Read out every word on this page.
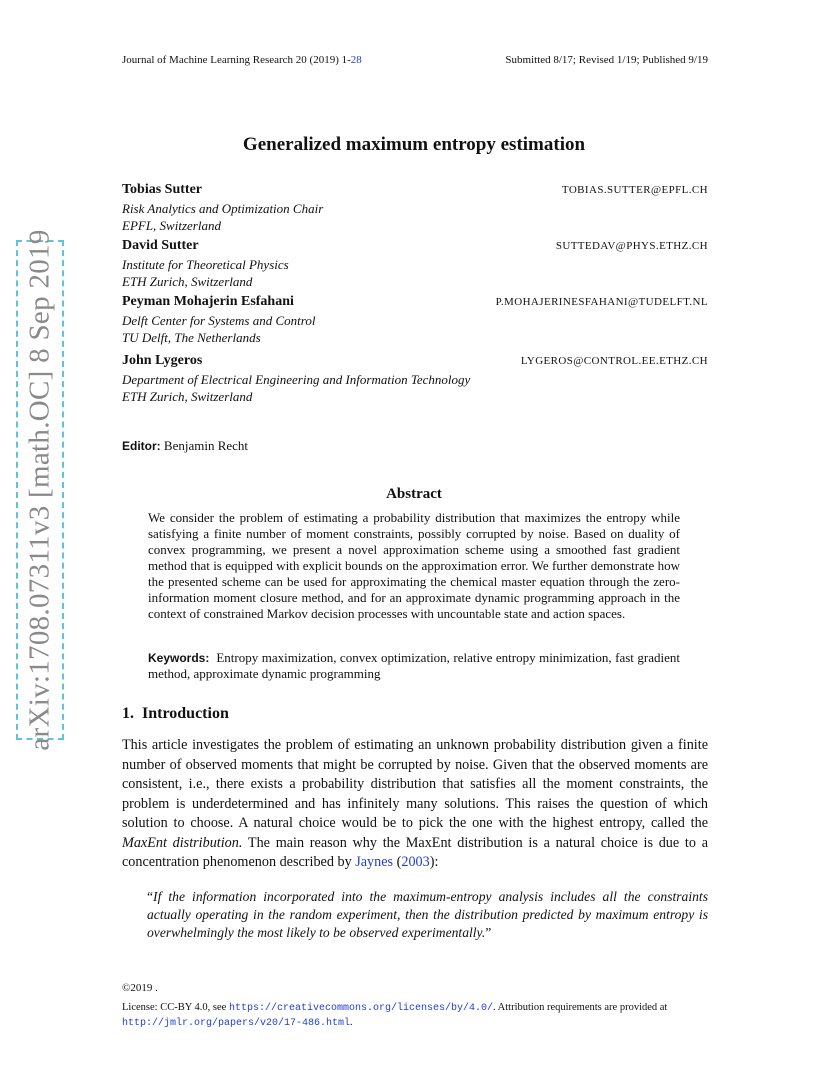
arXiv:1708.07311v3 [math.OC] 8 Sep 2019
Journal of Machine Learning Research 20 (2019) 1-28	Submitted 8/17; Revised 1/19; Published 9/19
Generalized maximum entropy estimation
Tobias Sutter	TOBIAS.SUTTER@EPFL.CH
Risk Analytics and Optimization Chair
EPFL, Switzerland
David Sutter	SUTTEDAV@PHYS.ETHZ.CH
Institute for Theoretical Physics
ETH Zurich, Switzerland
Peyman Mohajerin Esfahani	P.MOHAJERINESFAHANI@TUDELFT.NL
Delft Center for Systems and Control
TU Delft, The Netherlands
John Lygeros	LYGEROS@CONTROL.EE.ETHZ.CH
Department of Electrical Engineering and Information Technology
ETH Zurich, Switzerland
Editor: Benjamin Recht
Abstract
We consider the problem of estimating a probability distribution that maximizes the entropy while satisfying a finite number of moment constraints, possibly corrupted by noise. Based on duality of convex programming, we present a novel approximation scheme using a smoothed fast gradient method that is equipped with explicit bounds on the approximation error. We further demonstrate how the presented scheme can be used for approximating the chemical master equation through the zero-information moment closure method, and for an approximate dynamic programming approach in the context of constrained Markov decision processes with uncountable state and action spaces.
Keywords: Entropy maximization, convex optimization, relative entropy minimization, fast gradient method, approximate dynamic programming
1. Introduction
This article investigates the problem of estimating an unknown probability distribution given a finite number of observed moments that might be corrupted by noise. Given that the observed moments are consistent, i.e., there exists a probability distribution that satisfies all the moment constraints, the problem is underdetermined and has infinitely many solutions. This raises the question of which solution to choose. A natural choice would be to pick the one with the highest entropy, called the MaxEnt distribution. The main reason why the MaxEnt distribution is a natural choice is due to a concentration phenomenon described by Jaynes (2003):
“If the information incorporated into the maximum-entropy analysis includes all the constraints actually operating in the random experiment, then the distribution predicted by maximum entropy is overwhelmingly the most likely to be observed experimentally.”
©2019 .
License: CC-BY 4.0, see https://creativecommons.org/licenses/by/4.0/. Attribution requirements are provided at http://jmlr.org/papers/v20/17-486.html.
